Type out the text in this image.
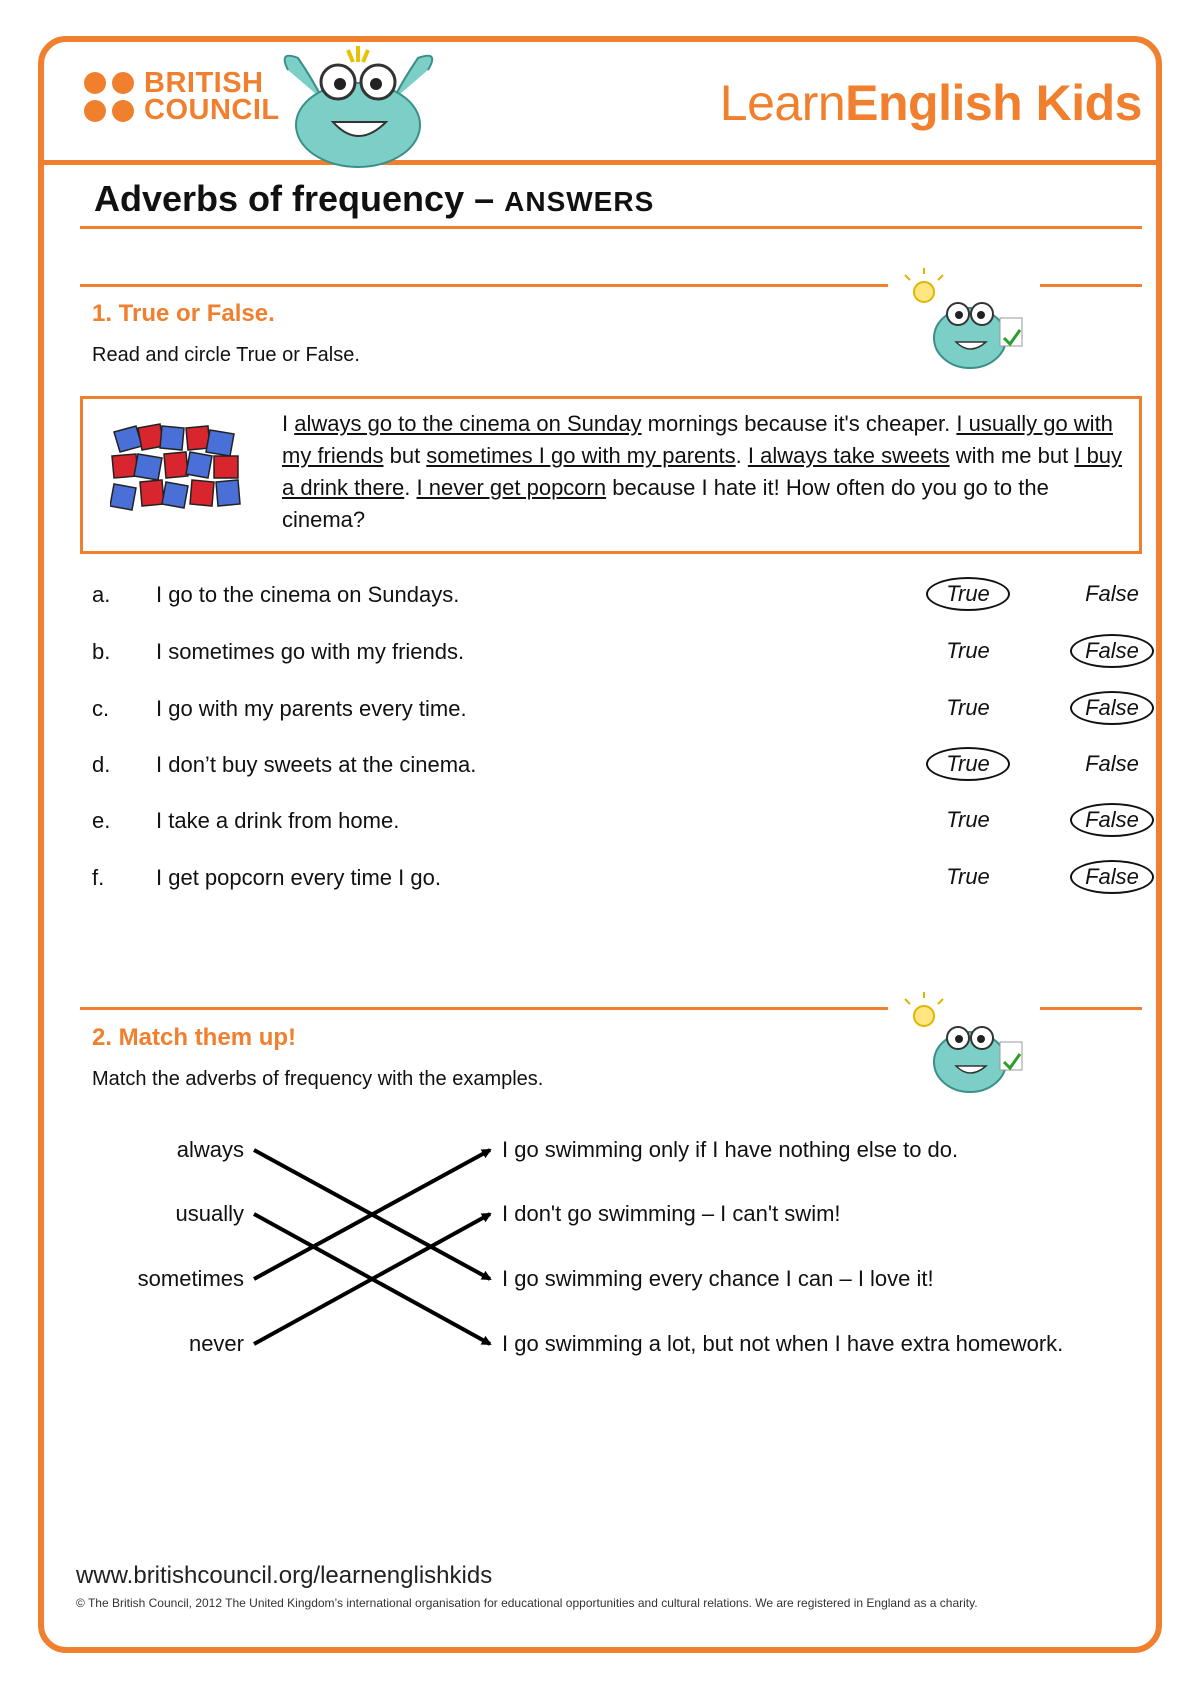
BRITISH
COUNCIL	LearnEnglish Kids
Adverbs of frequency – ANSWERS
1. True or False.
Read and circle True or False.
I always go to the cinema on Sunday mornings because it's cheaper. I usually go with my friends but sometimes I go with my parents. I always take sweets with me but I buy a drink there. I never get popcorn because I hate it! How often do you go to the cinema?
a. I go to the cinema on Sundays.	True	False
b. I sometimes go with my friends.	True	False
c. I go with my parents every time.	True	False
d. I don’t buy sweets at the cinema.	True	False
e. I take a drink from home.	True	False
f. I get popcorn every time I go.	True	False
2. Match them up!
Match the adverbs of frequency with the examples.
always
usually
sometimes
never
I go swimming only if I have nothing else to do.
I don't go swimming – I can't swim!
I go swimming every chance I can – I love it!
I go swimming a lot, but not when I have extra homework.
www.britishcouncil.org/learnenglishkids
© The British Council, 2012 The United Kingdom’s international organisation for educational opportunities and cultural relations. We are registered in England as a charity.
